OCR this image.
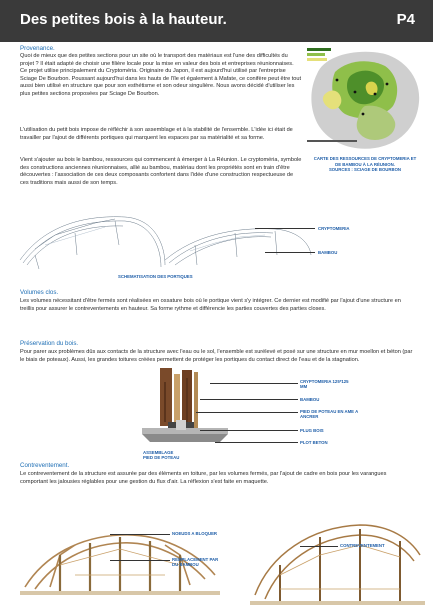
Des petites bois à la hauteur.	P4
Provenance.
Quoi de mieux que des petites sections pour un site où le transport des matériaux est l'une des difficultés du projet ? Il était adapté de choisir une filière locale pour la mise en valeur des bois et entreprises réunionnaises. Ce projet utilise principalement du Cryptoméria. Originaire du Japon, il est aujourd'hui utilisé par l'entreprise Sciage De Bourbon. Poussant aujourd'hui dans les hauts de l'île et également à Mafate, ce conifère peut être tout aussi bien utilisé en structure que pour son esthétisme et son odeur singulière. Nous avons décidé d'utiliser les plus petites sections proposées par Sciage De Bourbon.
L'utilisation du petit bois impose de réfléchir à son assemblage et à la stabilité de l'ensemble. L'idée ici était de travailler par l'ajout de différents portiques qui marquent les espaces par sa matérialité et sa forme.
Vient s'ajouter au bois le bambou, ressources qui commencent à émerger à La Réunion. Le cryptoméria, symbole des constructions anciennes réunionnaises, allié au bambou, matériau dont les propriétés sont en train d'être découvertes : l'association de ces deux composants confortent dans l'idée d'une construction respectueuse de ces traditions mais aussi de son temps.
CARTE DES RESSOURCES DE CRYPTOMERIA ET
DE BAMBOU À LA RÉUNION.
SOURCES : SCIAGE DE BOURBON
CRYPTOMERIA
BAMBOU
SCHEMATISATION DES PORTIQUES
Volumes clos.
Les volumes nécessitant d'être fermés sont réalisées en ossature bois où le portique vient s'y intégrer. Ce dernier est modifié par l'ajout d'une structure en treillis pour assurer le contreventements en hauteur. Sa forme rythme et différencie les parties couvertes des parties closes.
Préservation du bois.
Pour parer aux problèmes dûs aux contacts de la structure avec l'eau ou le sol, l'ensemble est surélevé et posé sur une structure en mur moellon et béton (par le biais de poteaux). Aussi, les grandes toitures créées permettent de protéger les portiques du contact direct de l'eau et de la stagnation.
CRYPTOMERIA 125*125
MM
BAMBOU
PIED DE POTEAU EN AME A
ANCRER
PLUG BOIS
PLOT BETON
ASSEMBLAGE
PIED DE POTEAU
Contreventement.
Le contreventement de la structure est assurée par des éléments en toiture, par les volumes fermés, par l'ajout de cadre en bois pour les varangues comportant les jalousies réglables pour une gestion du flux d'air. La réflexion s'est faite en maquette.
NOEUDS A BLOQUER
REMPLACEMENT PAR
DU BAMBOU
CONTREVENTEMENT
